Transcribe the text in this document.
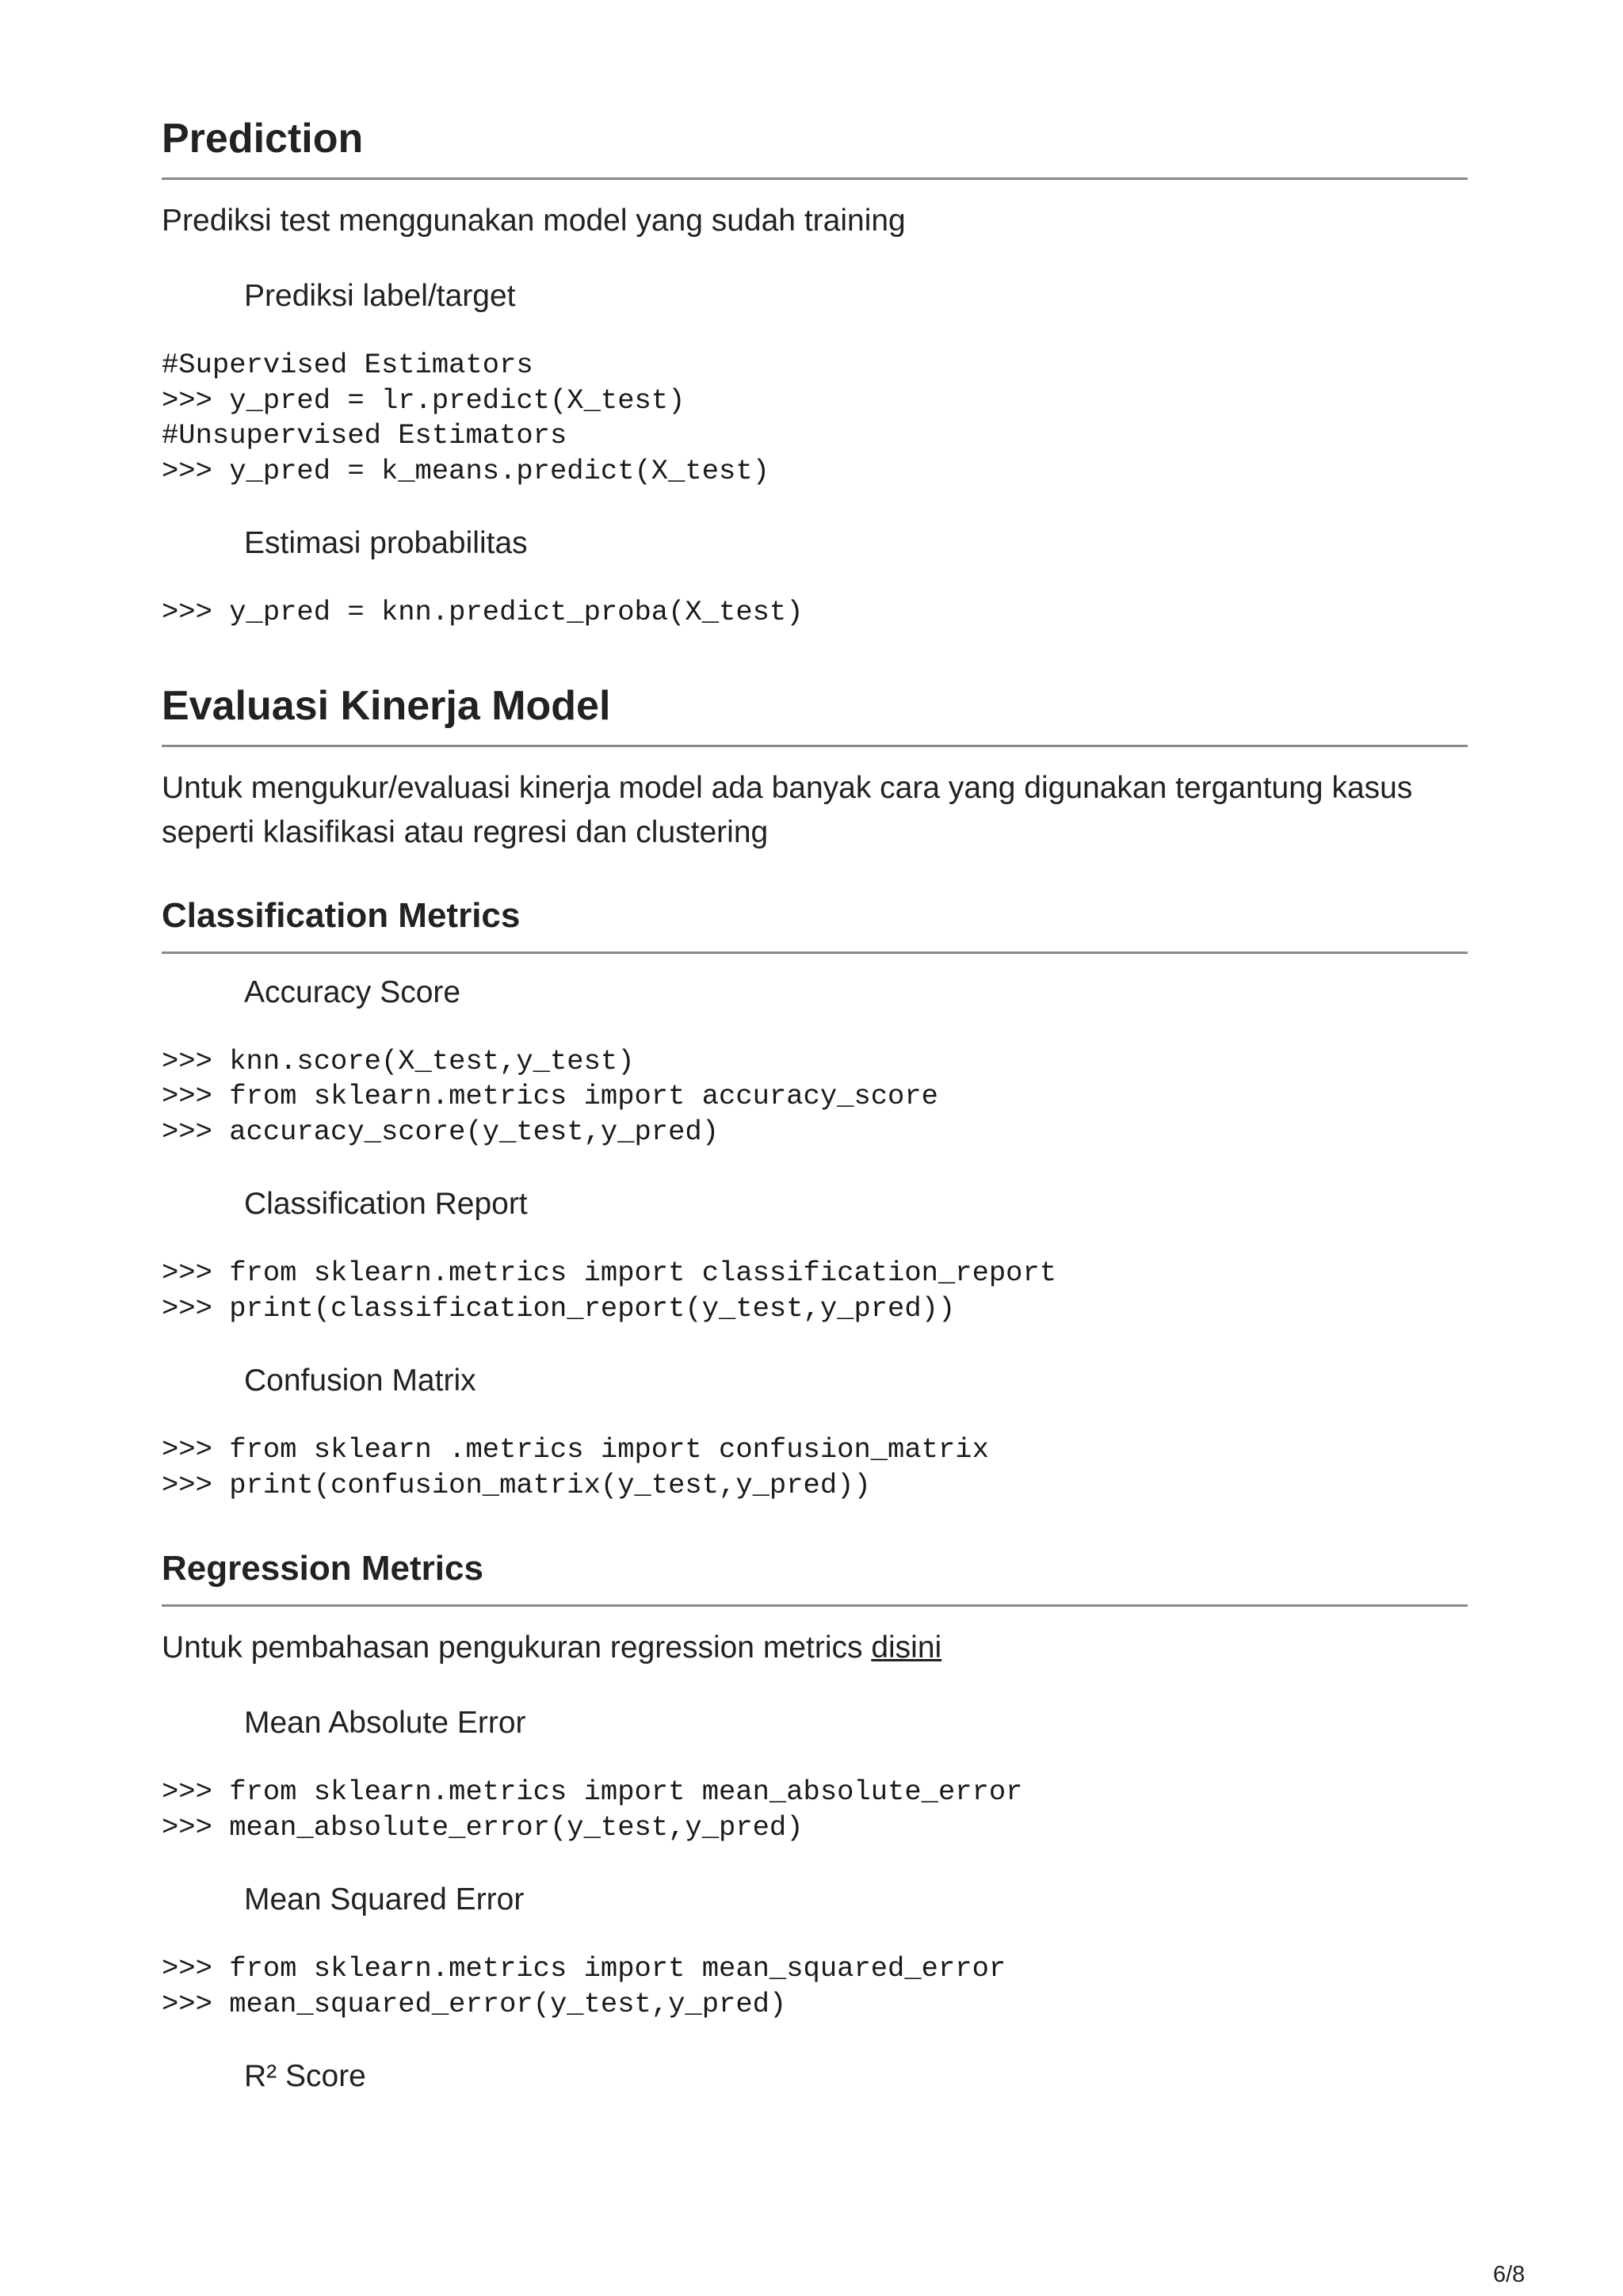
Prediction

Prediksi test menggunakan model yang sudah training

Prediksi label/target

#Supervised Estimators
>>> y_pred = lr.predict(X_test)
#Unsupervised Estimators
>>> y_pred = k_means.predict(X_test)

Estimasi probabilitas

>>> y_pred = knn.predict_proba(X_test)
Evaluasi Kinerja Model

Untuk mengukur/evaluasi kinerja model ada banyak cara yang digunakan tergantung kasus seperti klasifikasi atau regresi dan clustering

Classification Metrics

Accuracy Score

>>> knn.score(X_test,y_test)
>>> from sklearn.metrics import accuracy_score
>>> accuracy_score(y_test,y_pred)

Classification Report

>>> from sklearn.metrics import classification_report
>>> print(classification_report(y_test,y_pred))

Confusion Matrix

>>> from sklearn .metrics import confusion_matrix
>>> print(confusion_matrix(y_test,y_pred))
Regression Metrics

Untuk pembahasan pengukuran regression metrics disini

Mean Absolute Error

>>> from sklearn.metrics import mean_absolute_error
>>> mean_absolute_error(y_test,y_pred)

Mean Squared Error

>>> from sklearn.metrics import mean_squared_error
>>> mean_squared_error(y_test,y_pred)

R² Score

6/8
